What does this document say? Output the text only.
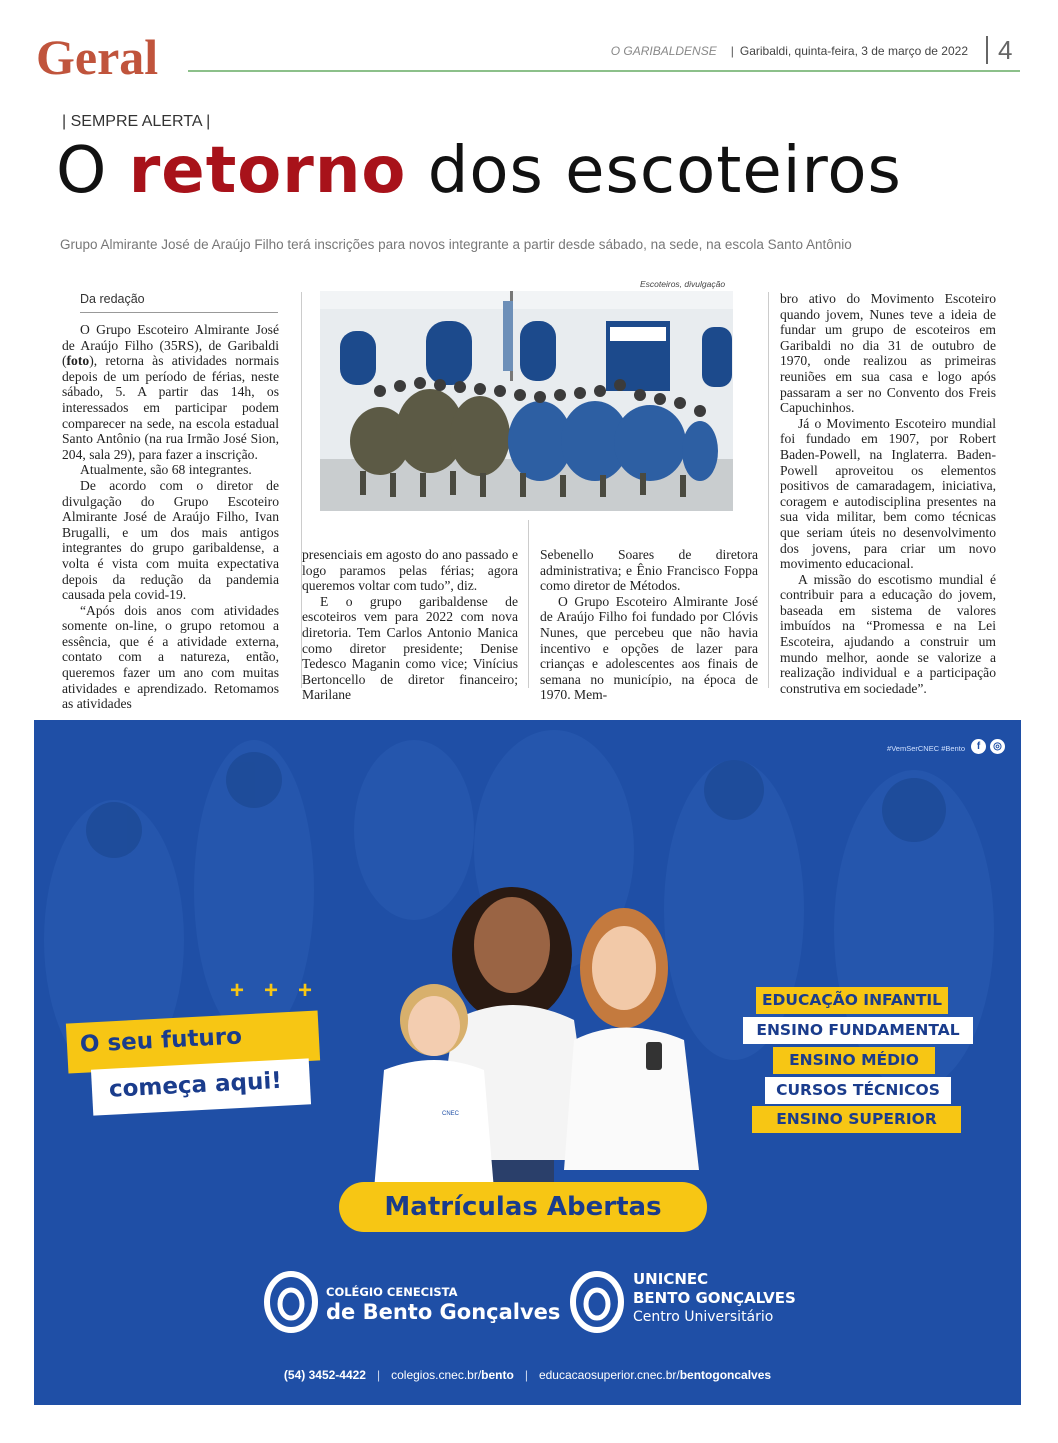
Geral	O GARIBALDENSE | Garibaldi, quinta-feira, 3 de março de 2022	4
| SEMPRE ALERTA |
O retorno dos escoteiros
Grupo Almirante José de Araújo Filho terá inscrições para novos integrante a partir desde sábado, na sede, na escola Santo Antônio
Da redação

O Grupo Escoteiro Almirante José de Araújo Filho (35RS), de Garibaldi (foto), retorna às atividades normais depois de um período de férias, neste sábado, 5. A partir das 14h, os interessados em participar podem comparecer na sede, na escola estadual Santo Antônio (na rua Irmão José Sion, 204, sala 29), para fazer a inscrição.

Atualmente, são 68 integrantes.

De acordo com o diretor de divulgação do Grupo Escoteiro Almirante José de Araújo Filho, Ivan Brugalli, e um dos mais antigos integrantes do grupo garibaldense, a volta é vista com muita expectativa depois da redução da pandemia causada pela covid-19.

“Após dois anos com atividades somente on-line, o grupo retomou a essência, que é a atividade externa, contato com a natureza, então, queremos fazer um ano com muitas atividades e aprendizado. Retomamos as atividades

Escoteiros, divulgação

presenciais em agosto do ano passado e logo paramos pelas férias; agora queremos voltar com tudo”, diz.

E o grupo garibaldense de escoteiros vem para 2022 com nova diretoria. Tem Carlos Antonio Manica como diretor presidente; Denise Tedesco Maganin como vice; Vinícius Bertoncello de diretor financeiro; Marilane

Sebenello Soares de diretora administrativa; e Ênio Francisco Foppa como diretor de Métodos.

O Grupo Escoteiro Almirante José de Araújo Filho foi fundado por Clóvis Nunes, que percebeu que não havia incentivo e opções de lazer para crianças e adolescentes aos finais de semana no município, na época de 1970. Mem-

bro ativo do Movimento Escoteiro quando jovem, Nunes teve a ideia de fundar um grupo de escoteiros em Garibaldi no dia 31 de outubro de 1970, onde realizou as primeiras reuniões em sua casa e logo após passaram a ser no Convento dos Freis Capuchinhos.

Já o Movimento Escoteiro mundial foi fundado em 1907, por Robert Baden-Powell, na Inglaterra. Baden-Powell aproveitou os elementos positivos de camaradagem, iniciativa, coragem e autodisciplina presentes na sua vida militar, bem como técnicas que seriam úteis no desenvolvimento dos jovens, para criar um novo movimento educacional.

A missão do escotismo mundial é contribuir para a educação do jovem, baseada em sistema de valores imbuídos na “Promessa e na Lei Escoteira, ajudando a construir um mundo melhor, aonde se valorize a realização individual e a participação construtiva em sociedade”.

CNEC
#VemSerCNEC #Bento	f	◎
+ + +
O seu futuro
começa aqui!
EDUCAÇÃO INFANTIL
ENSINO FUNDAMENTAL
ENSINO MÉDIO
CURSOS TÉCNICOS
ENSINO SUPERIOR
Matrículas Abertas
COLÉGIO CENECISTA
de Bento Gonçalves
UNICNEC
BENTO GONÇALVES
Centro Universitário
(54) 3452-4422 | colegios.cnec.br/bento | educacaosuperior.cnec.br/bentogoncalves
